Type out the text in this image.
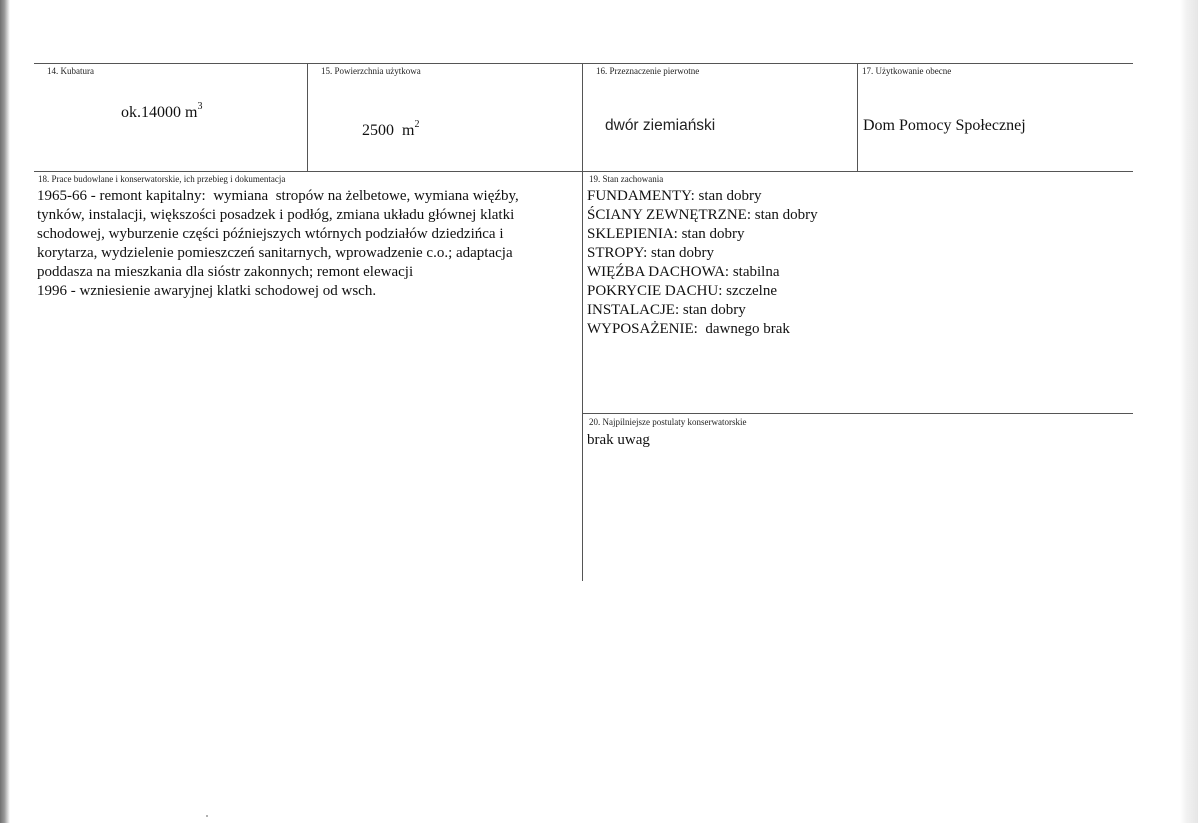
14. Kubatura
ok.14000 $m^3$
15. Powierzchnia użytkowa

2500  $m^2$

16. Przeznaczenie pierwotne
dwór ziemiański
17. Użytkowanie obecne
Dom Pomocy Społecznej
18. Prace budowlane i konserwatorskie, ich przebieg i dokumentacja
1965-66 - remont kapitalny:  wymiana  stropów na żelbetowe, wymiana więźby,
tynków, instalacji, większości posadzek i podłóg, zmiana układu głównej klatki
schodowej, wyburzenie części późniejszych wtórnych podziałów dziedzińca i
korytarza, wydzielenie pomieszczeń sanitarnych, wprowadzenie c.o.; adaptacja
poddasza na mieszkania dla sióstr zakonnych; remont elewacji
1996 - wzniesienie awaryjnej klatki schodowej od wsch.
19. Stan zachowania
FUNDAMENTY: stan dobry
ŚCIANY ZEWNĘTRZNE: stan dobry
SKLEPIENIA: stan dobry
STROPY: stan dobry
WIĘŹBA DACHOWA: stabilna
POKRYCIE DACHU: szczelne
INSTALACJE: stan dobry
WYPOSAŻENIE:  dawnego brak
20. Najpilniejsze postulaty konserwatorskie
brak uwag
